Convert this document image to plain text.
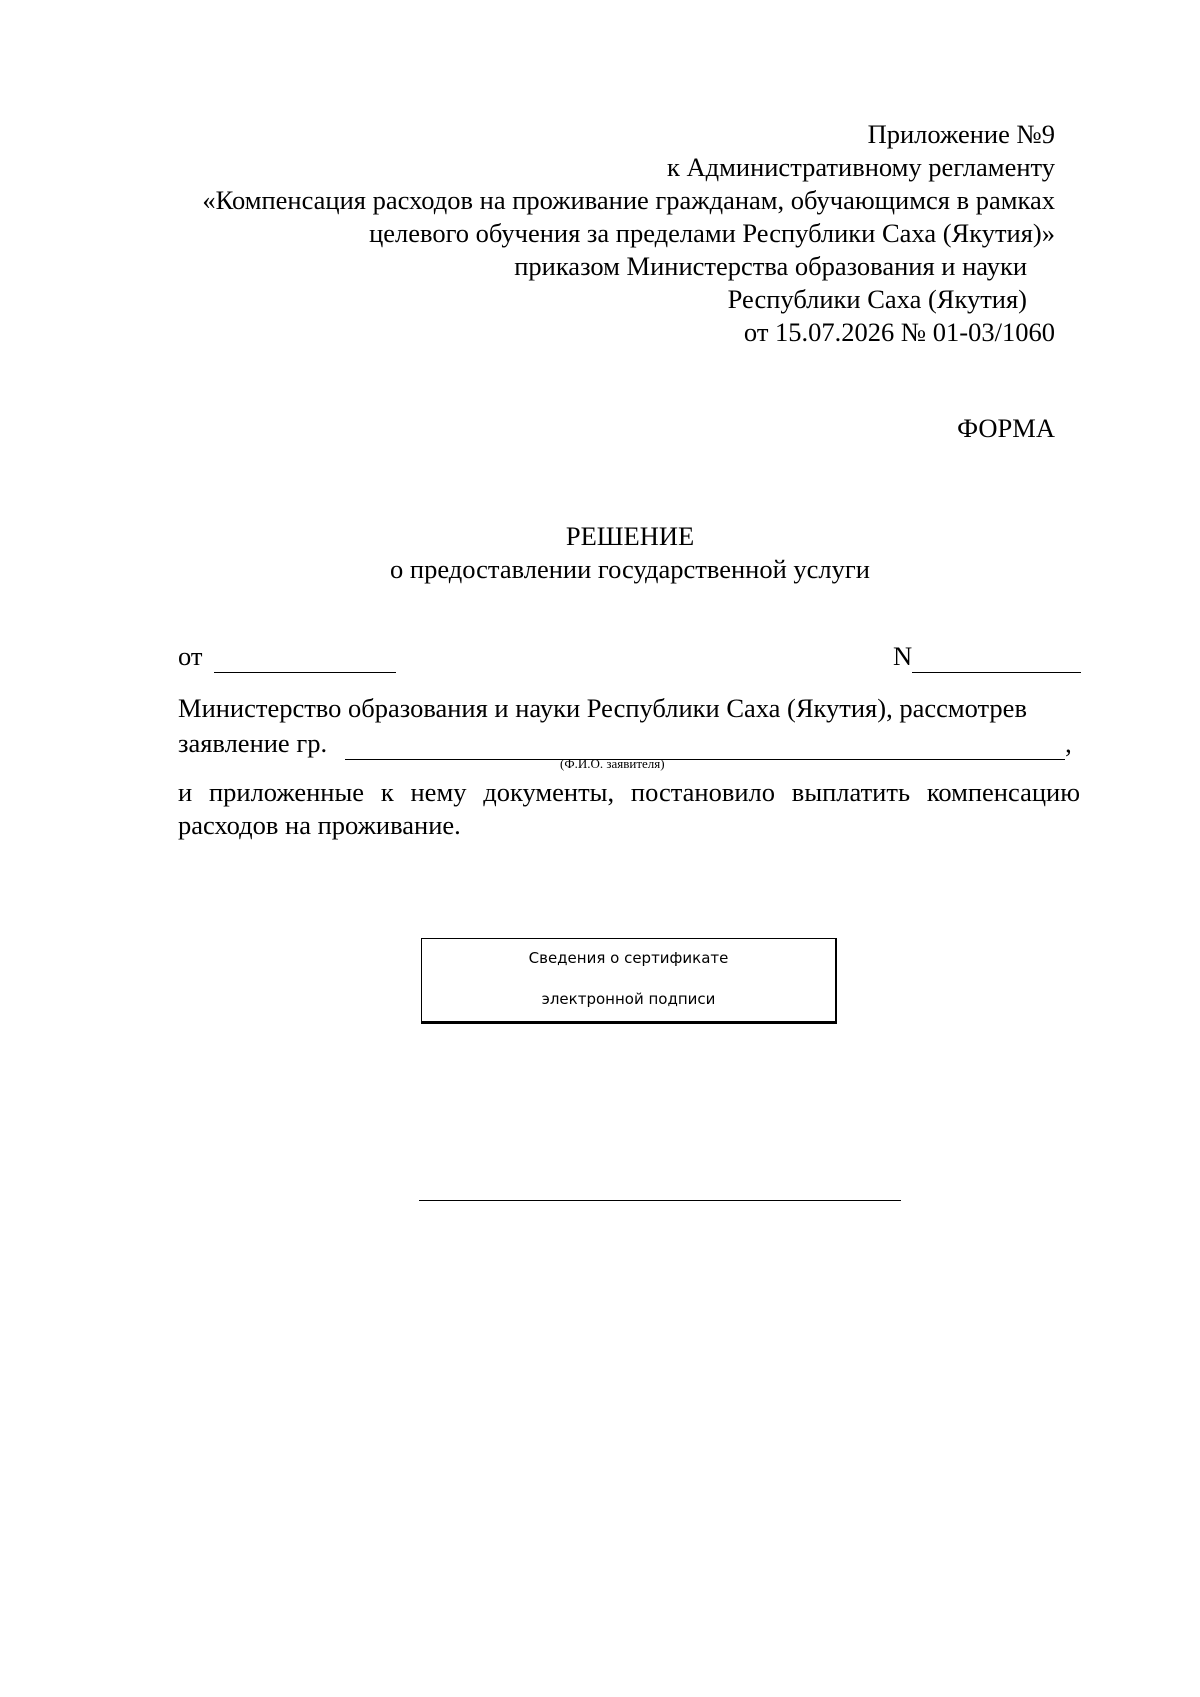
Приложение №9
к Административному регламенту
«Компенсация расходов на проживание гражданам, обучающимся в рамках
целевого обучения за пределами Республики Саха (Якутия)»
приказом Министерства образования и науки
Республики Саха (Якутия)
от 15.07.2026 № 01-03/1060
ФОРМА
РЕШЕНИЕ
о предоставлении государственной услуги
от	N
Министерство образования и науки Республики Саха (Якутия), рассмотрев
заявление гр.	,
(Ф.И.О. заявителя)
и приложенные к нему документы, постановило выплатить компенсацию
расходов на проживание.
Сведения о сертификате
электронной подписи
